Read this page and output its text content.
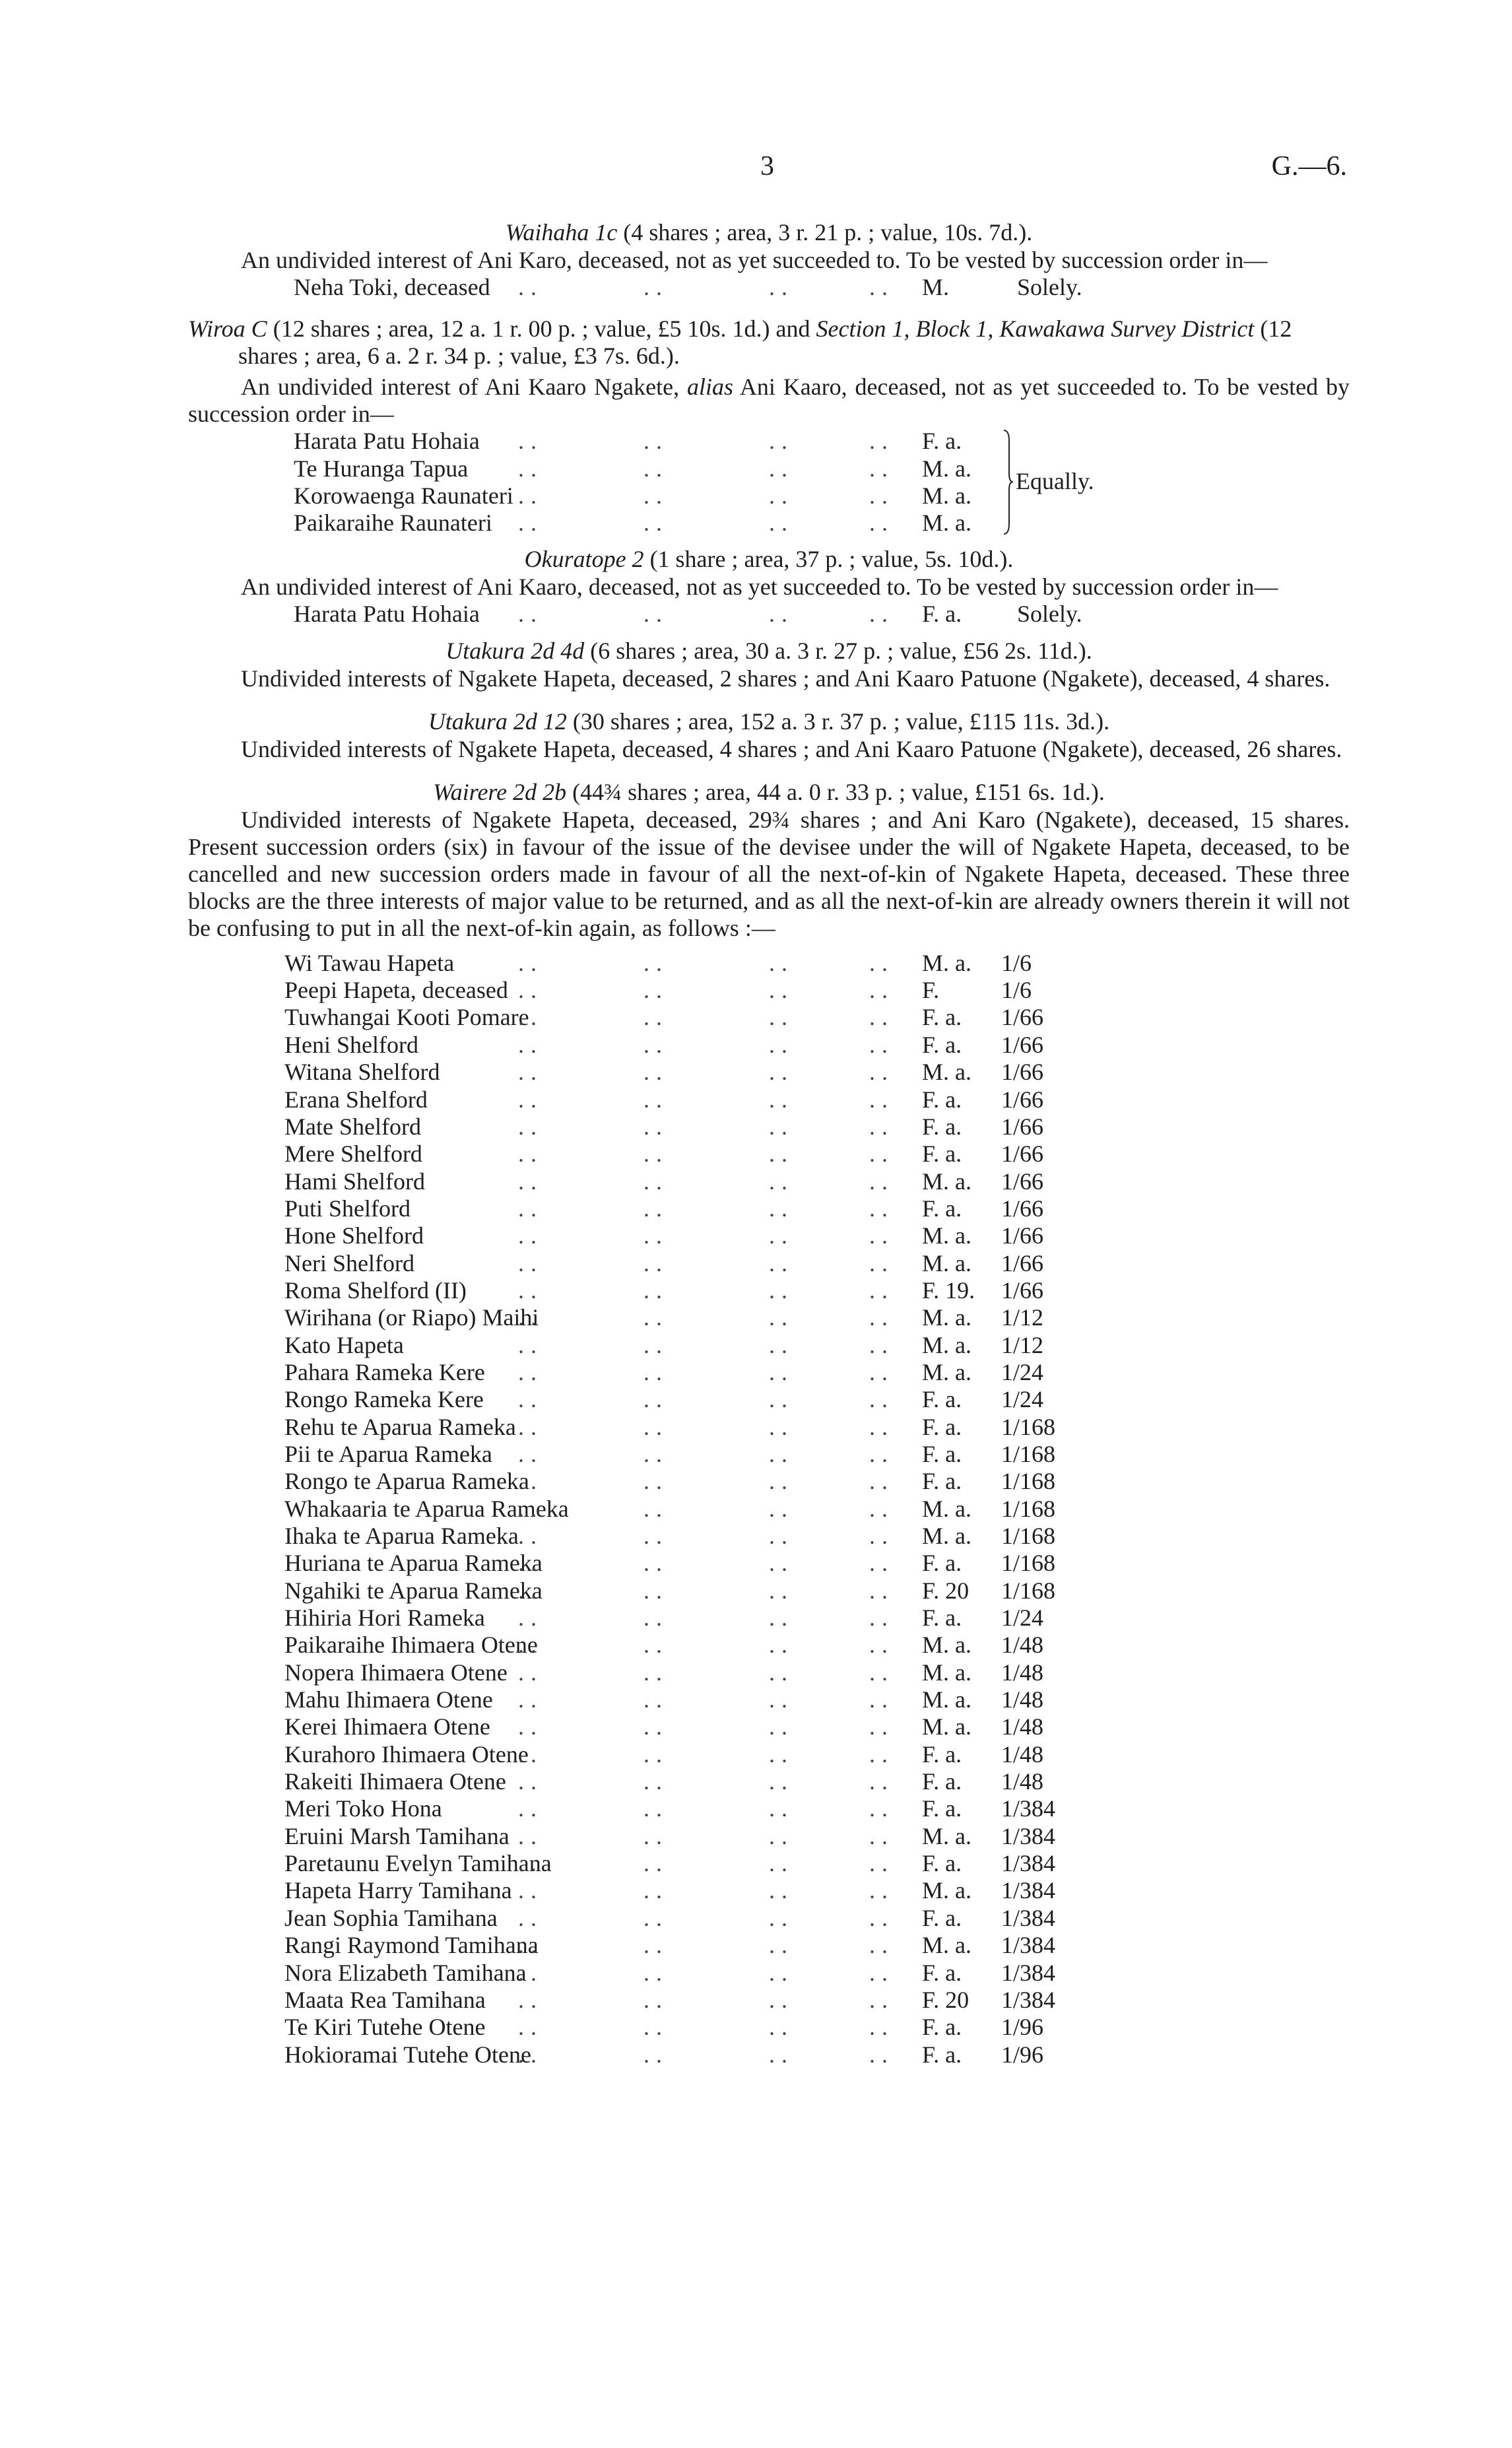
3	G.—6.
Waihaha 1c (4 shares ; area, 3 r. 21 p. ; value, 10s. 7d.).

An undivided interest of Ani Karo, deceased, not as yet succeeded to. To be vested by succession order in—

Neha Toki, deceased ..        ..        ..      .. M.	Solely.
Wiroa C (12 shares ; area, 12 a. 1 r. 00 p. ; value, £5 10s. 1d.) and Section 1, Block 1, Kawakawa Survey District (12 shares ; area, 6 a. 2 r. 34 p. ; value, £3 7s. 6d.).

An undivided interest of Ani Kaaro Ngakete, alias Ani Kaaro, deceased, not as yet succeeded to. To be vested by succession order in—

Harata Patu Hohaia ..        ..        ..      .. F. a.
Te Huranga Tapua ..        ..        ..      .. M. a.
Korowaenga Raunateri ..        ..        ..      .. M. a.
Paikaraihe Raunateri ..        ..        ..      .. M. a.
Equally.
Okuratope 2 (1 share ; area, 37 p. ; value, 5s. 10d.).

An undivided interest of Ani Kaaro, deceased, not as yet succeeded to. To be vested by succession order in—

Harata Patu Hohaia ..        ..        ..      .. F. a. Solely.
Utakura 2d 4d (6 shares ; area, 30 a. 3 r. 27 p. ; value, £56 2s. 11d.).

Undivided interests of Ngakete Hapeta, deceased, 2 shares ; and Ani Kaaro Patuone (Ngakete), deceased, 4 shares.

Utakura 2d 12 (30 shares ; area, 152 a. 3 r. 37 p. ; value, £115 11s. 3d.).

Undivided interests of Ngakete Hapeta, deceased, 4 shares ; and Ani Kaaro Patuone (Ngakete), deceased, 26 shares.

Wairere 2d 2b (44¾ shares ; area, 44 a. 0 r. 33 p. ; value, £151 6s. 1d.).

Undivided interests of Ngakete Hapeta, deceased, 29¾ shares ; and Ani Karo (Ngakete), deceased, 15 shares. Present succession orders (six) in favour of the issue of the devisee under the will of Ngakete Hapeta, deceased, to be cancelled and new succession orders made in favour of all the next-of-kin of Ngakete Hapeta, deceased. These three blocks are the three interests of major value to be returned, and as all the next-of-kin are already owners therein it will not be confusing to put in all the next-of-kin again, as follows :—

Wi Tawau Hapeta	..        ..        ..      .. M. a. 1/6
Peepi Hapeta, deceased ..        ..        ..      .. F.	1/6
Tuwhangai Kooti Pomare
..        ..        ..      .. F. a. 1/66
Heni Shelford	..        ..        ..      .. F. a. 1/66
Witana Shelford	..        ..        ..      .. M. a. 1/66
Erana Shelford	..        ..        ..      .. F. a. 1/66
Mate Shelford	..        ..        ..      .. F. a. 1/66
Mere Shelford	..        ..        ..      .. F. a. 1/66
Hami Shelford	..        ..        ..      .. M. a. 1/66
Puti Shelford	..        ..        ..      .. F. a. 1/66
Hone Shelford	..        ..        ..      .. M. a. 1/66
Neri Shelford	..        ..        ..      .. M. a. 1/66
Roma Shelford (II) ..        ..        ..      .. F. 19. 1/66
Wirihana (or Riapo) Maihi
..        ..        ..      .. M. a. 1/12
Kato Hapeta	..        ..        ..      .. M. a. 1/12
Pahara Rameka Kere ..        ..        ..      .. M. a. 1/24
Rongo Rameka Kere ..        ..        ..      .. F. a. 1/24
Rehu te Aparua Rameka ..        ..        ..      .. F. a. 1/168
Pii te Aparua Rameka ..        ..        ..      .. F. a. 1/168
Rongo te Aparua Rameka
..        ..        ..      .. F. a. 1/168
Whakaaria te Aparua Rameka
..        ..        ..      .. M. a. 1/168
Ihaka te Aparua Rameka ..        ..        ..      .. M. a. 1/168
Huriana te Aparua Rameka
..        ..        ..      .. F. a. 1/168
Ngahiki te Aparua Rameka
..        ..        ..      .. F. 20 1/168
Hihiria Hori Rameka ..        ..        ..      .. F. a. 1/24
Paikaraihe Ihimaera Otene
..        ..        ..      .. M. a. 1/48
Nopera Ihimaera Otene ..        ..        ..      .. M. a. 1/48
Mahu Ihimaera Otene ..        ..        ..      .. M. a. 1/48
Kerei Ihimaera Otene ..        ..        ..      .. M. a. 1/48
Kurahoro Ihimaera Otene
..        ..        ..      .. F. a. 1/48
Rakeiti Ihimaera Otene ..        ..        ..      .. F. a. 1/48
Meri Toko Hona	..        ..        ..      .. F. a. 1/384
Eruini Marsh Tamihana ..        ..        ..      .. M. a. 1/384
Paretaunu Evelyn Tamihana
..        ..        ..      .. F. a. 1/384
Hapeta Harry Tamihana ..        ..        ..      .. M. a. 1/384
Jean Sophia Tamihana ..        ..        ..      .. F. a. 1/384
Rangi Raymond Tamihana
..        ..        ..      .. M. a. 1/384
Nora Elizabeth Tamihana
..        ..        ..      .. F. a. 1/384
Maata Rea Tamihana ..        ..        ..      .. F. 20 1/384
Te Kiri Tutehe Otene ..        ..        ..      .. F. a. 1/96
Hokioramai Tutehe Otene
..        ..        ..      .. F. a. 1/96
